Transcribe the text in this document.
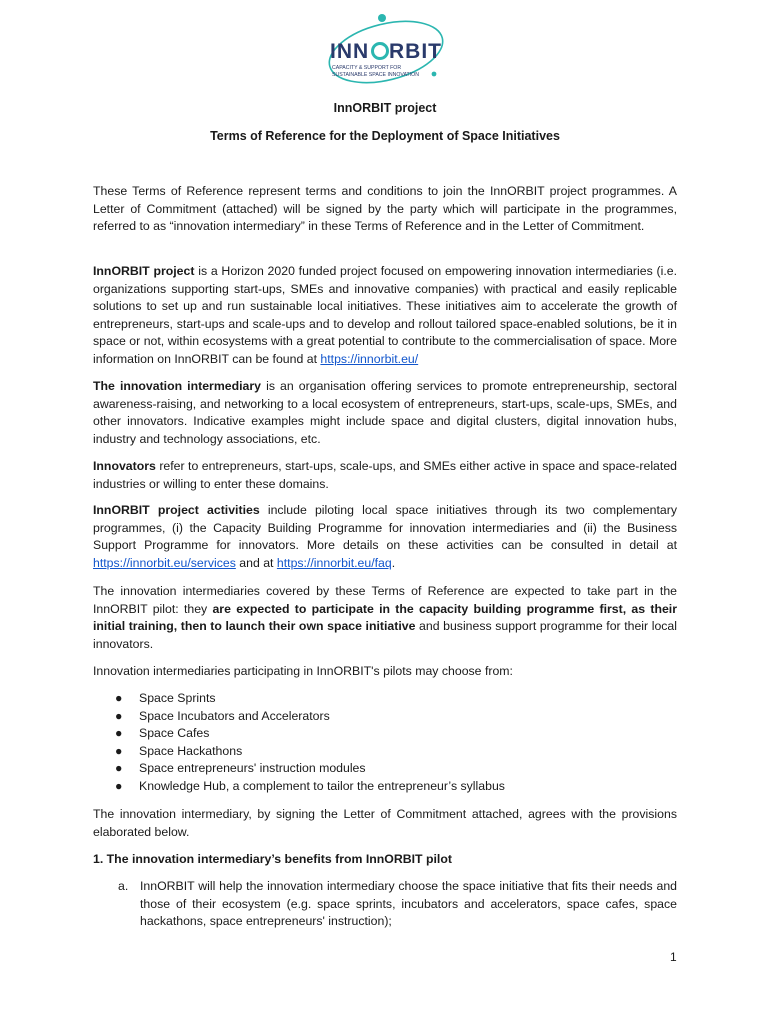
INN RBIT
CAPACITY & SUPPORT FOR
SUSTAINABLE SPACE INNOVATION
InnORBIT project
Terms of Reference for the Deployment of Space Initiatives

These Terms of Reference represent terms and conditions to join the InnORBIT project programmes. A Letter of Commitment (attached) will be signed by the party which will participate in the programmes, referred to as “innovation intermediary” in these Terms of Reference and in the Letter of Commitment.

InnORBIT project is a Horizon 2020 funded project focused on empowering innovation intermediaries (i.e. organizations supporting start-ups, SMEs and innovative companies) with practical and easily replicable solutions to set up and run sustainable local initiatives. These initiatives aim to accelerate the growth of entrepreneurs, start-ups and scale-ups and to develop and rollout tailored space-enabled solutions, be it in space or not, within ecosystems with a great potential to contribute to the commercialisation of space. More information on InnORBIT can be found at https://innorbit.eu/

The innovation intermediary is an organisation offering services to promote entrepreneurship, sectoral awareness-raising, and networking to a local ecosystem of entrepreneurs, start-ups, scale-ups, SMEs, and other innovators. Indicative examples might include space and digital clusters, digital innovation hubs, industry and technology associations, etc.

Innovators refer to entrepreneurs, start-ups, scale-ups, and SMEs either active in space and space-related industries or willing to enter these domains.

InnORBIT project activities include piloting local space initiatives through its two complementary programmes, (i) the Capacity Building Programme for innovation intermediaries and (ii) the Business Support Programme for innovators. More details on these activities can be consulted in detail at https://innorbit.eu/services and at https://innorbit.eu/faq.

The innovation intermediaries covered by these Terms of Reference are expected to take part in the InnORBIT pilot: they are expected to participate in the capacity building programme first, as their initial training, then to launch their own space initiative and business support programme for their local innovators.

Innovation intermediaries participating in InnORBIT's pilots may choose from:

● Space Sprints
● Space Incubators and Accelerators
● Space Cafes
● Space Hackathons
● Space entrepreneurs' instruction modules
● Knowledge Hub, a complement to tailor the entrepreneur’s syllabus

The innovation intermediary, by signing the Letter of Commitment attached, agrees with the provisions elaborated below.

1. The innovation intermediary’s benefits from InnORBIT pilot
a. InnORBIT will help the innovation intermediary choose the space initiative that fits their needs and those of their ecosystem (e.g. space sprints, incubators and accelerators, space cafes, space hackathons, space entrepreneurs' instruction);
1
